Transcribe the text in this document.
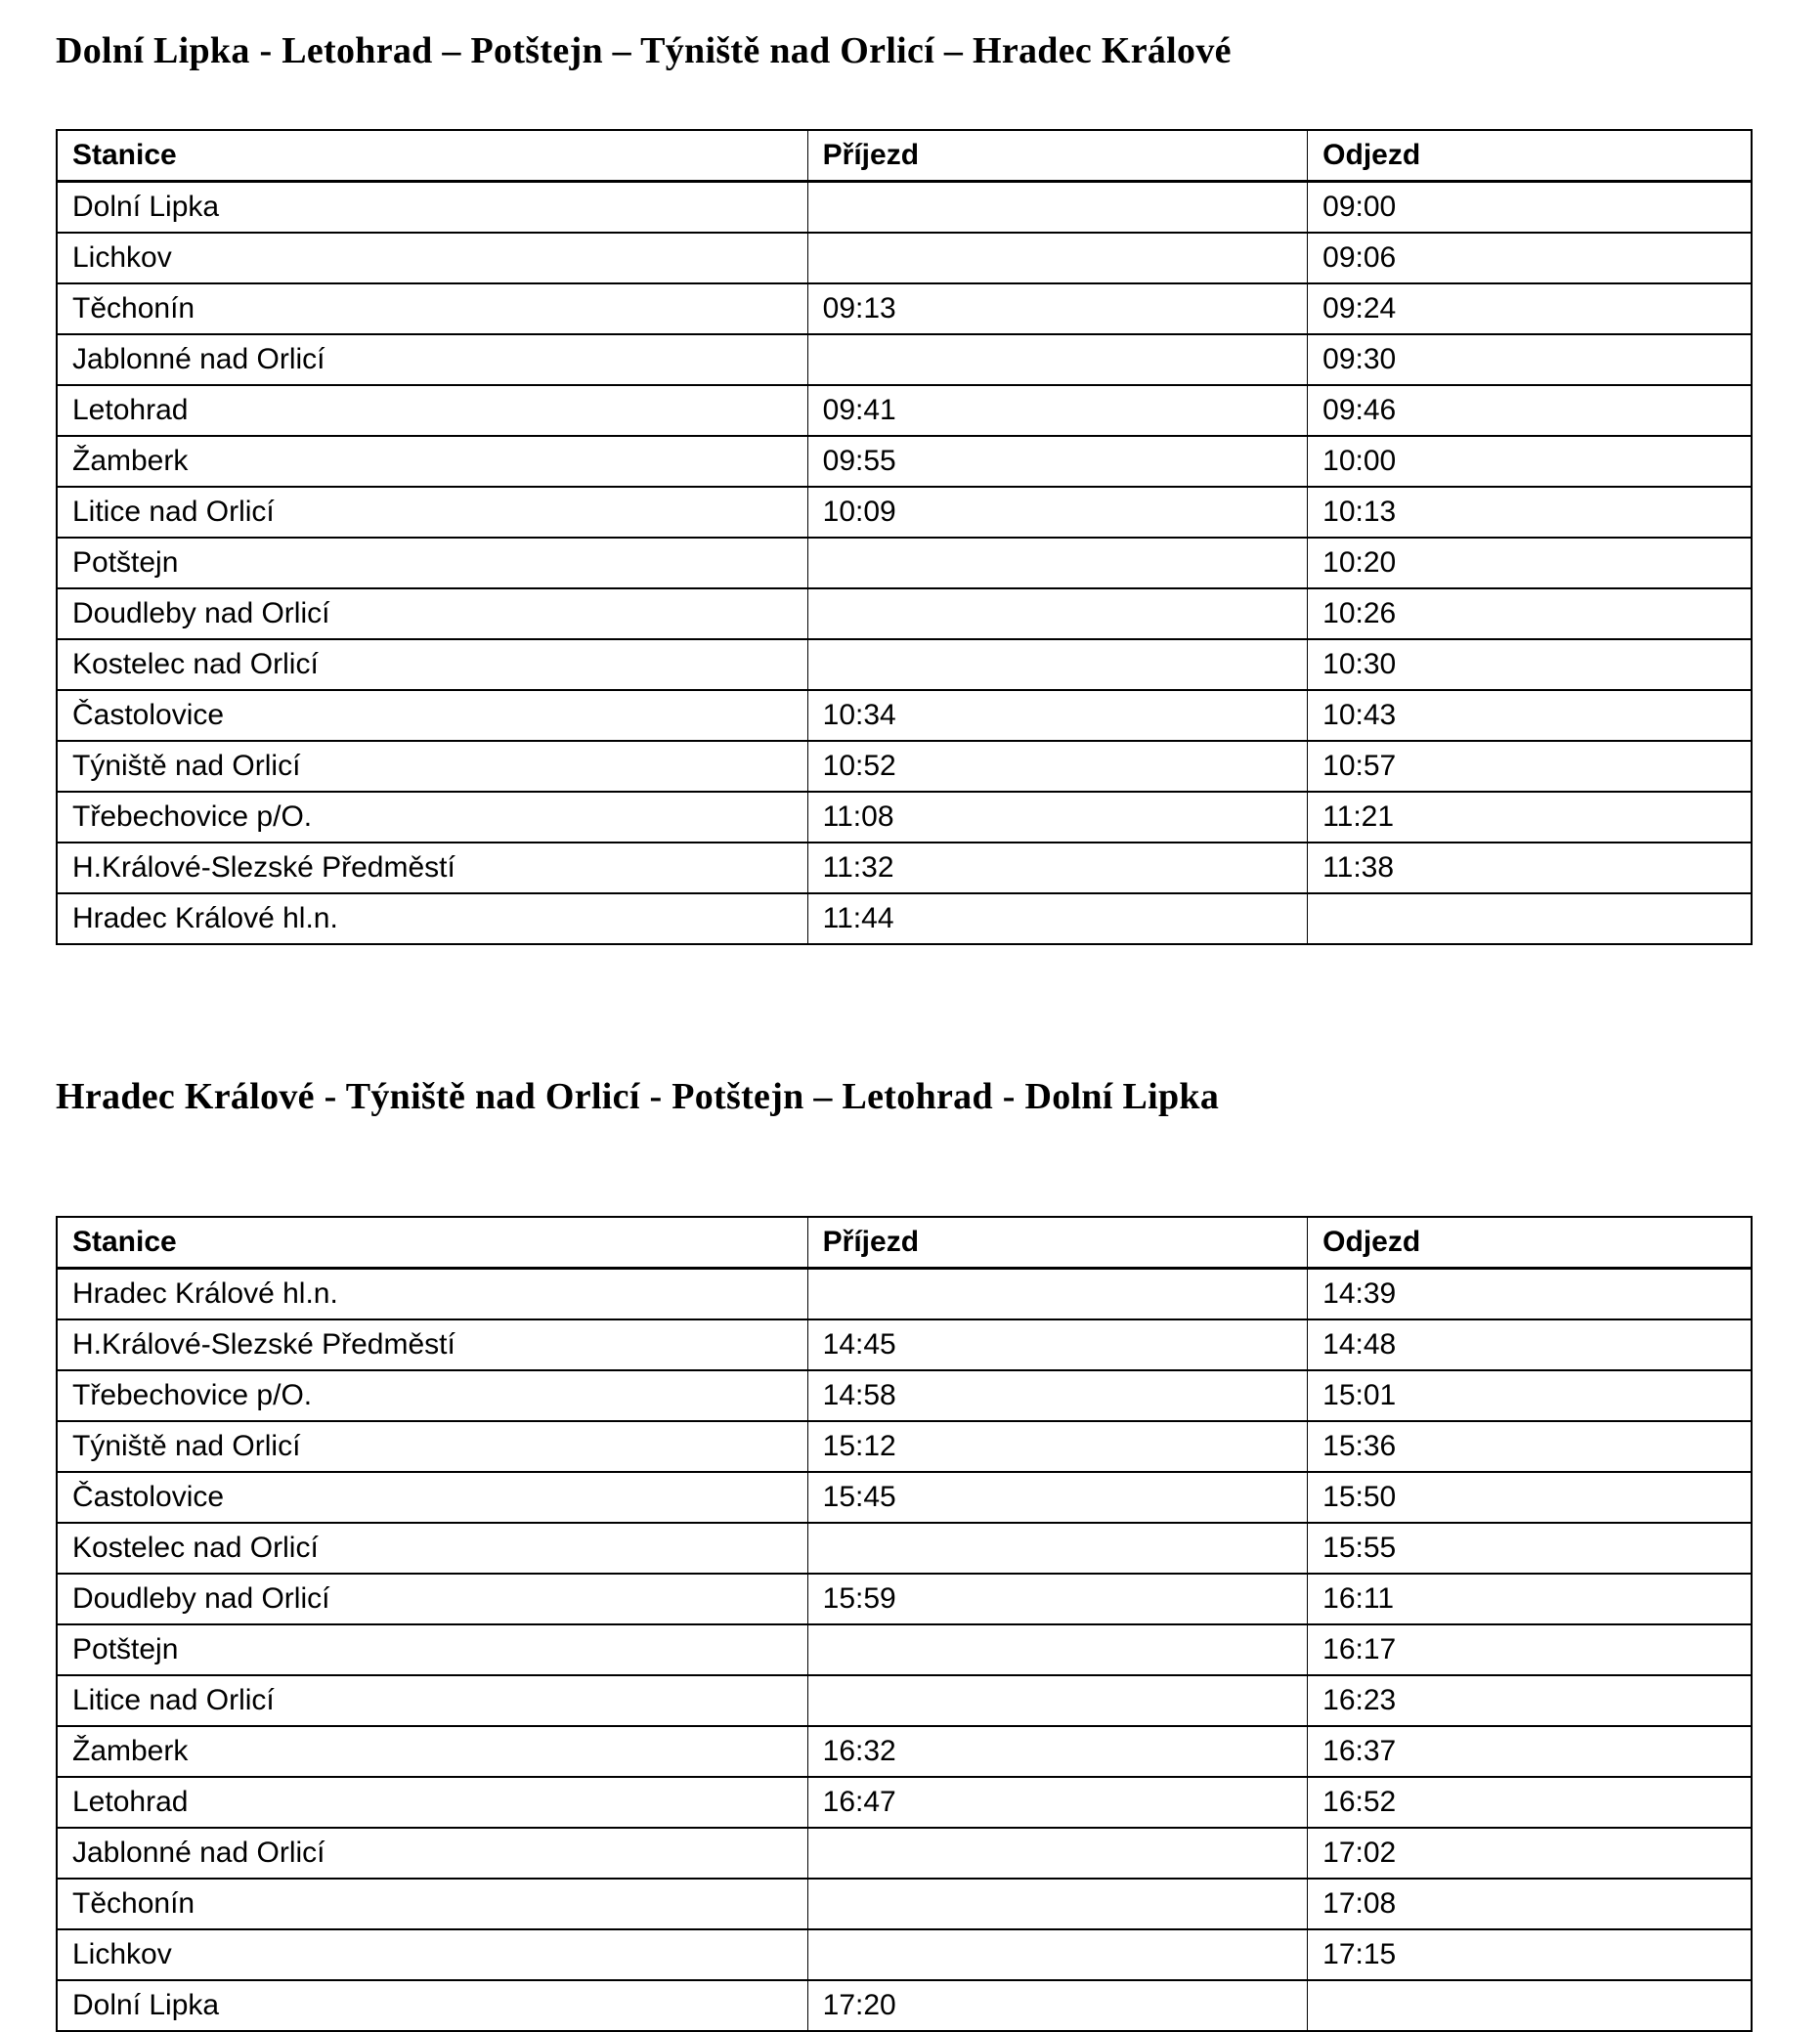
Dolní Lipka - Letohrad – Potštejn – Týniště nad Orlicí – Hradec Králové
Stanice	Příjezd	Odjezd
Dolní Lipka		09:00
Lichkov		09:06
Těchonín	09:13	09:24
Jablonné nad Orlicí		09:30
Letohrad	09:41	09:46
Žamberk	09:55	10:00
Litice nad Orlicí	10:09	10:13
Potštejn		10:20
Doudleby nad Orlicí		10:26
Kostelec nad Orlicí		10:30
Častolovice	10:34	10:43
Týniště nad Orlicí	10:52	10:57
Třebechovice p/O.	11:08	11:21
H.Králové-Slezské Předměstí	11:32	11:38
Hradec Králové hl.n.	11:44	
Hradec Králové - Týniště nad Orlicí - Potštejn – Letohrad - Dolní Lipka
Stanice	Příjezd	Odjezd
Hradec Králové hl.n.		14:39
H.Králové-Slezské Předměstí	14:45	14:48
Třebechovice p/O.	14:58	15:01
Týniště nad Orlicí	15:12	15:36
Častolovice	15:45	15:50
Kostelec nad Orlicí		15:55
Doudleby nad Orlicí	15:59	16:11
Potštejn		16:17
Litice nad Orlicí		16:23
Žamberk	16:32	16:37
Letohrad	16:47	16:52
Jablonné nad Orlicí		17:02
Těchonín		17:08
Lichkov		17:15
Dolní Lipka	17:20	
